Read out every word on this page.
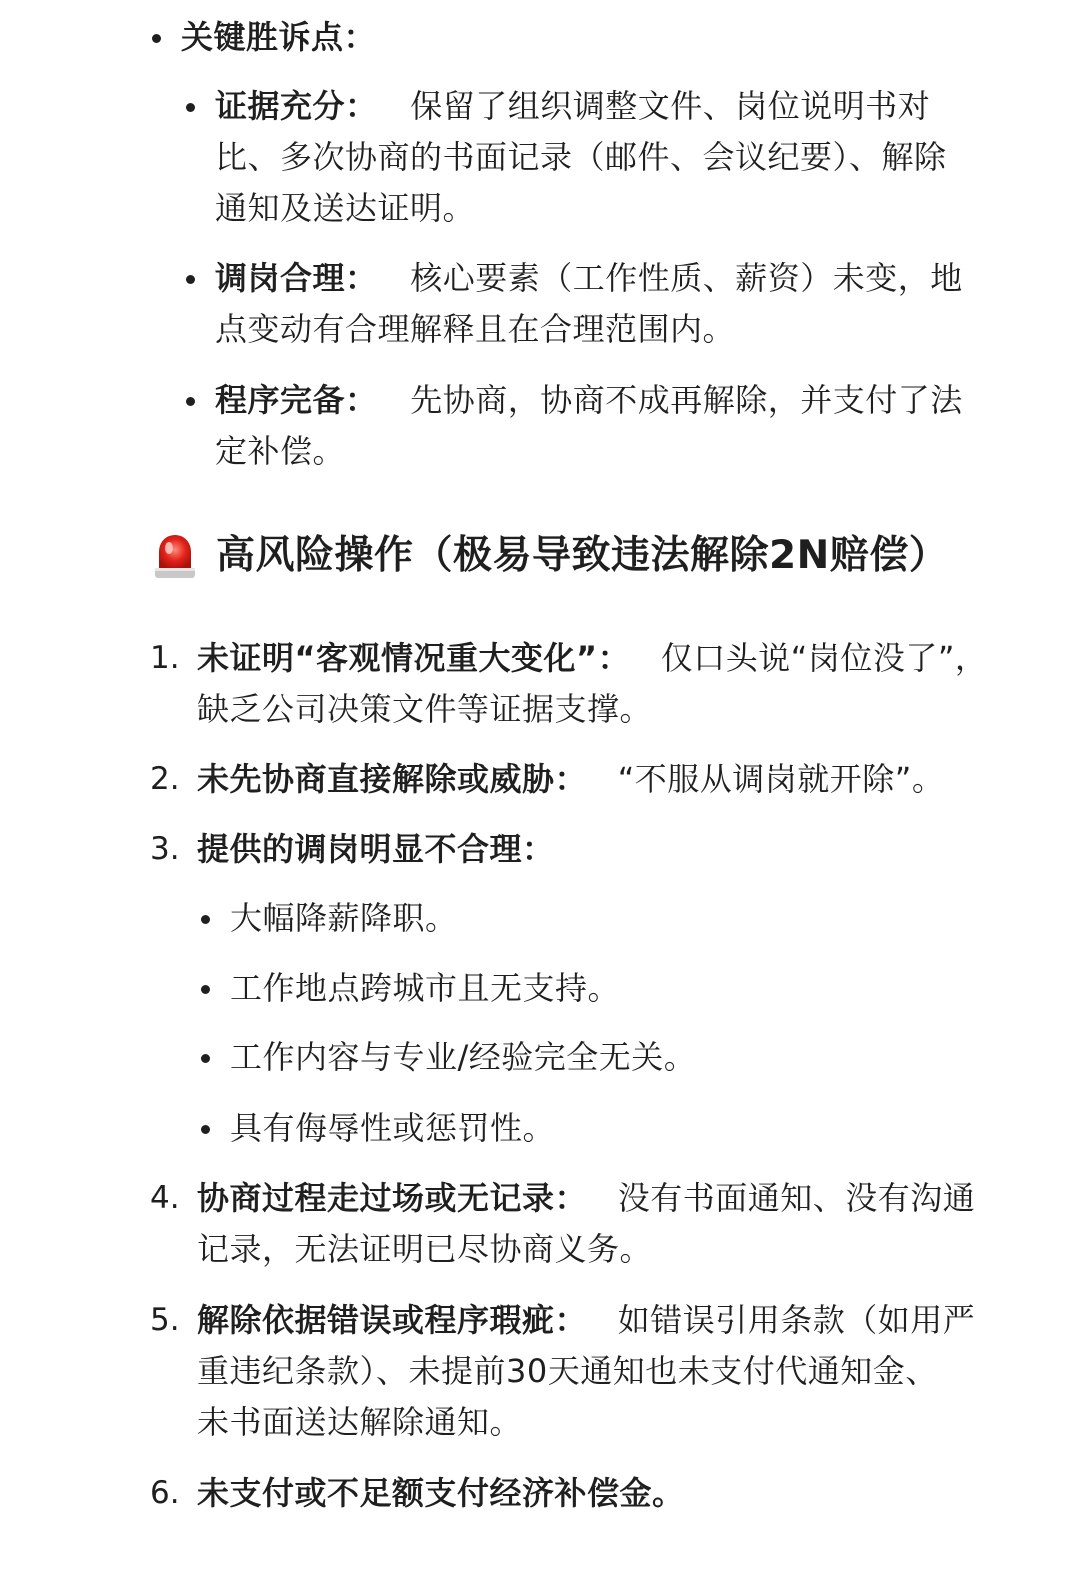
关键胜诉点：
证据充分： 保留了组织调整文件、岗位说明书对
比、多次协商的书面记录（邮件、会议纪要）、解除
通知及送达证明。
调岗合理： 核心要素（工作性质、薪资）未变，地
点变动有合理解释且在合理范围内。
程序完备： 先协商，协商不成再解除，并支付了法
定补偿。
高风险操作（极易导致违法解除2N赔偿）
1. 未证明“客观情况重大变化”： 仅口头说“岗位没了”，
缺乏公司决策文件等证据支撑。
2. 未先协商直接解除或威胁： “不服从调岗就开除”。
3. 提供的调岗明显不合理：
大幅降薪降职。
工作地点跨城市且无支持。
工作内容与专业/经验完全无关。
具有侮辱性或惩罚性。
4. 协商过程走过场或无记录： 没有书面通知、没有沟通
记录，无法证明已尽协商义务。
5. 解除依据错误或程序瑕疵： 如错误引用条款（如用严
重违纪条款）、未提前30天通知也未支付代通知金、
未书面送达解除通知。
6. 未支付或不足额支付经济补偿金。
